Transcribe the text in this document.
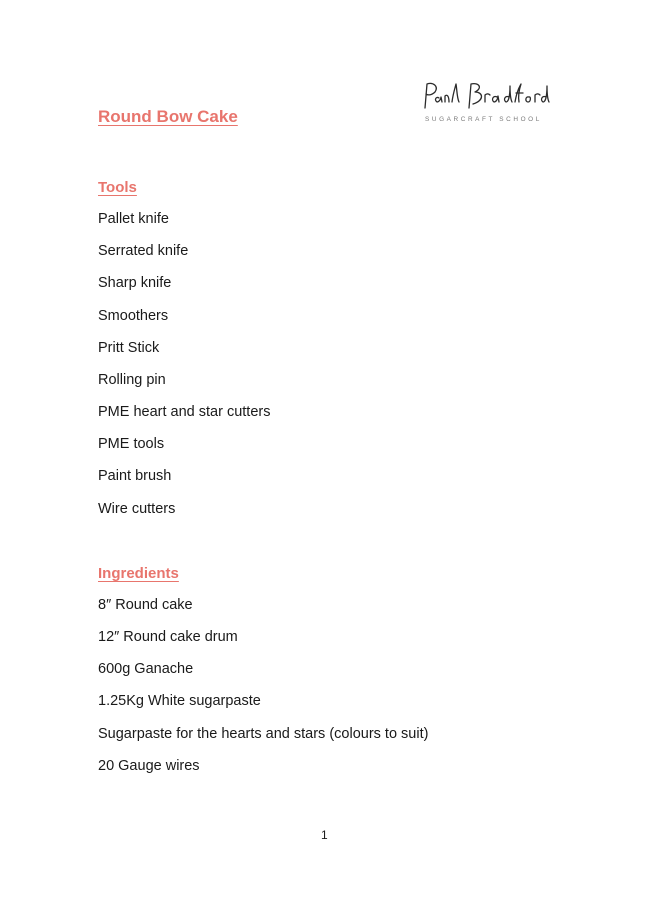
SUGARCRAFT SCHOOL
Round Bow Cake
Tools
Pallet knife
Serrated knife
Sharp knife
Smoothers
Pritt Stick
Rolling pin
PME heart and star cutters
PME tools
Paint brush
Wire cutters
Ingredients
8″ Round cake
12″ Round cake drum
600g Ganache
1.25Kg White sugarpaste
Sugarpaste for the hearts and stars (colours to suit)
20 Gauge wires
1
